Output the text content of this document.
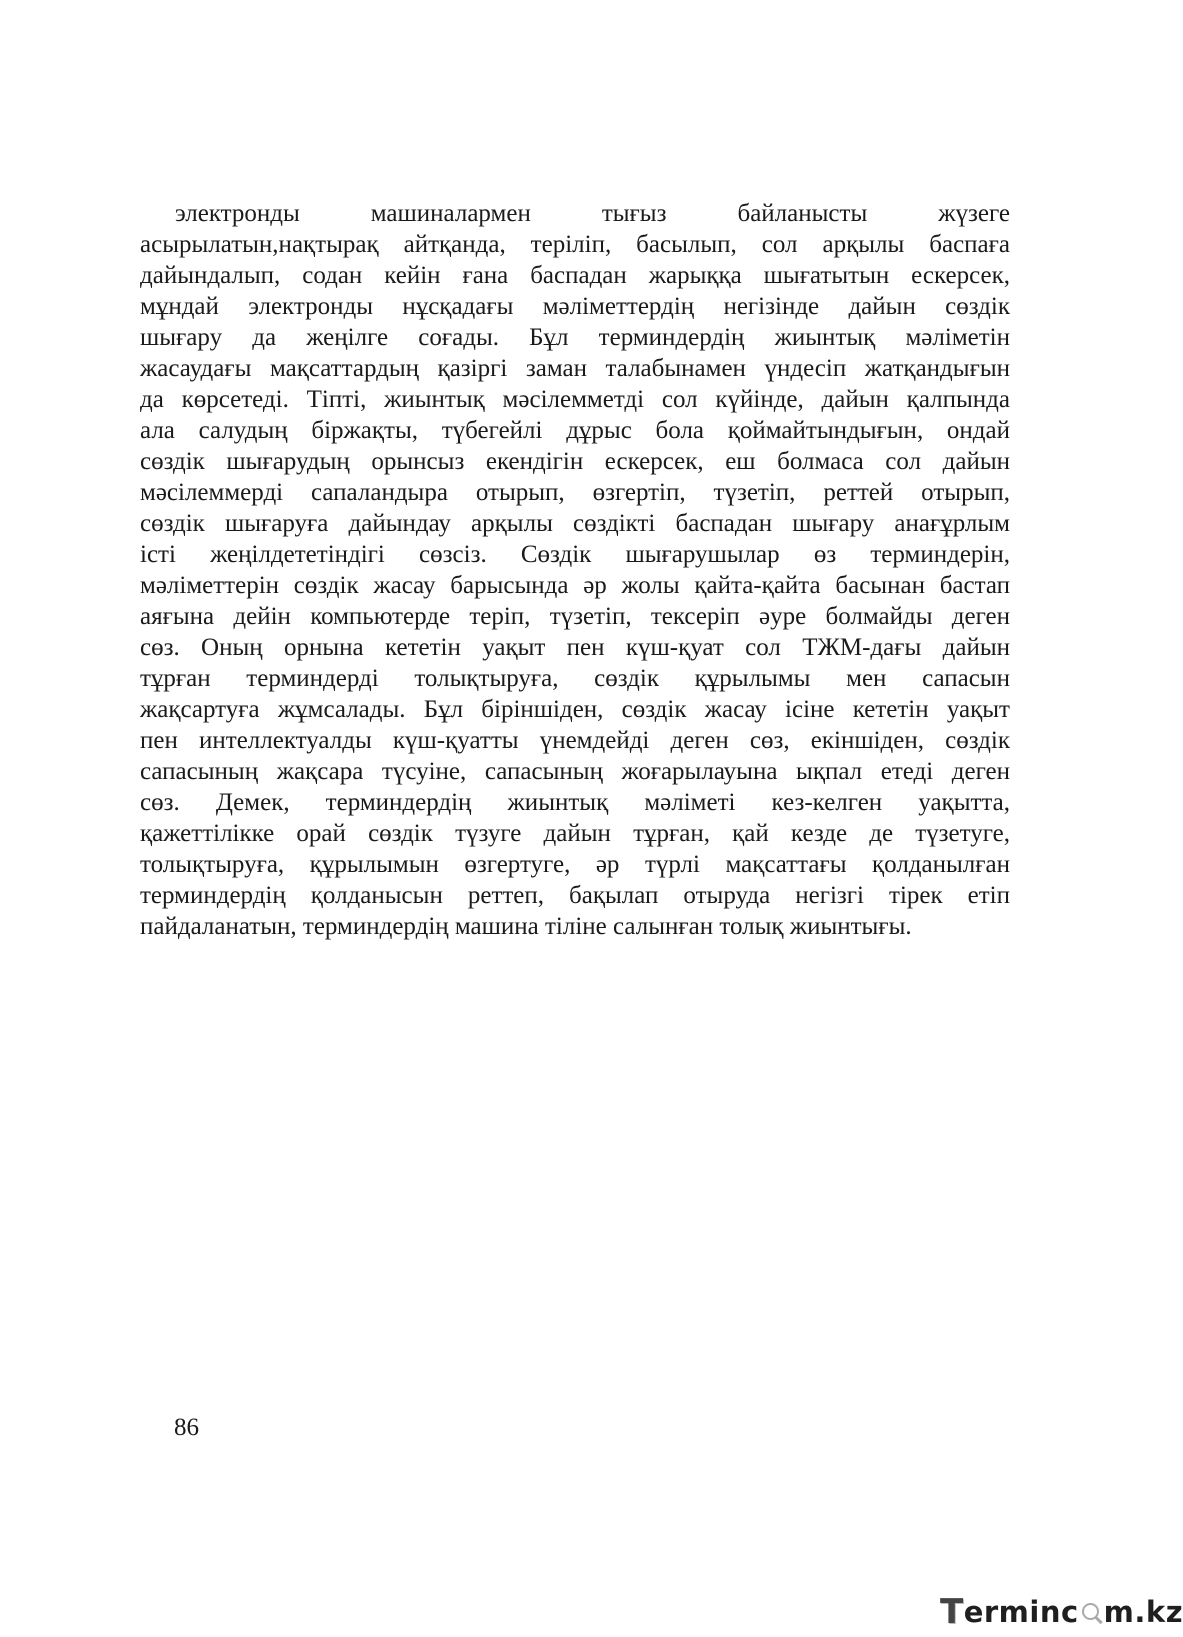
электронды машиналармен тығыз байланысты жүзеге
асырылатын,нақтырақ айтқанда, теріліп, басылып, сол арқылы баспаға
дайындалып, содан кейін ғана баспадан жарыққа шығатытын ескерсек,
мұндай электронды нұсқадағы мәліметтердің негізінде дайын сөздік
шығару да жеңілге соғады. Бұл терминдердің жиынтық мәліметін
жасаудағы мақсаттардың қазіргі заман талабынамен үндесіп жатқандығын
да көрсетеді. Тіпті, жиынтық мәсілемметді сол күйінде, дайын қалпында
ала салудың біржақты, түбегейлі дұрыс бола қоймайтындығын, ондай
сөздік шығарудың орынсыз екендігін ескерсек, еш болмаса сол дайын
мәсілеммерді сапаландыра отырып, өзгертіп, түзетіп, реттей отырып,
сөздік шығаруға дайындау арқылы сөздікті баспадан шығару анағұрлым
істі жеңілдететіндігі сөзсіз. Сөздік шығарушылар өз терминдерін,
мәліметтерін сөздік жасау барысында әр жолы қайта-қайта басынан бастап
аяғына дейін компьютерде теріп, түзетіп, тексеріп әуре болмайды деген
сөз. Оның орнына кететін уақыт пен күш-қуат сол ТЖМ-дағы дайын
тұрған терминдерді толықтыруға, сөздік құрылымы мен сапасын
жақсартуға жұмсалады. Бұл біріншіден, сөздік жасау ісіне кететін уақыт
пен интеллектуалды күш-қуатты үнемдейді деген сөз, екіншіден, сөздік
сапасының жақсара түсуіне, сапасының жоғарылауына ықпал етеді деген
сөз. Демек, терминдердің жиынтық мәліметі кез-келген уақытта,
қажеттілікке орай сөздік түзуге дайын тұрған, қай кезде де түзетуге,
толықтыруға, құрылымын өзгертуге, әр түрлі мақсаттағы қолданылған
терминдердің қолданысын реттеп, бақылап отыруда негізгі тірек етіп
пайдаланатын, терминдердің машина тіліне салынған толық жиынтығы.
86
T erminc m.kz
